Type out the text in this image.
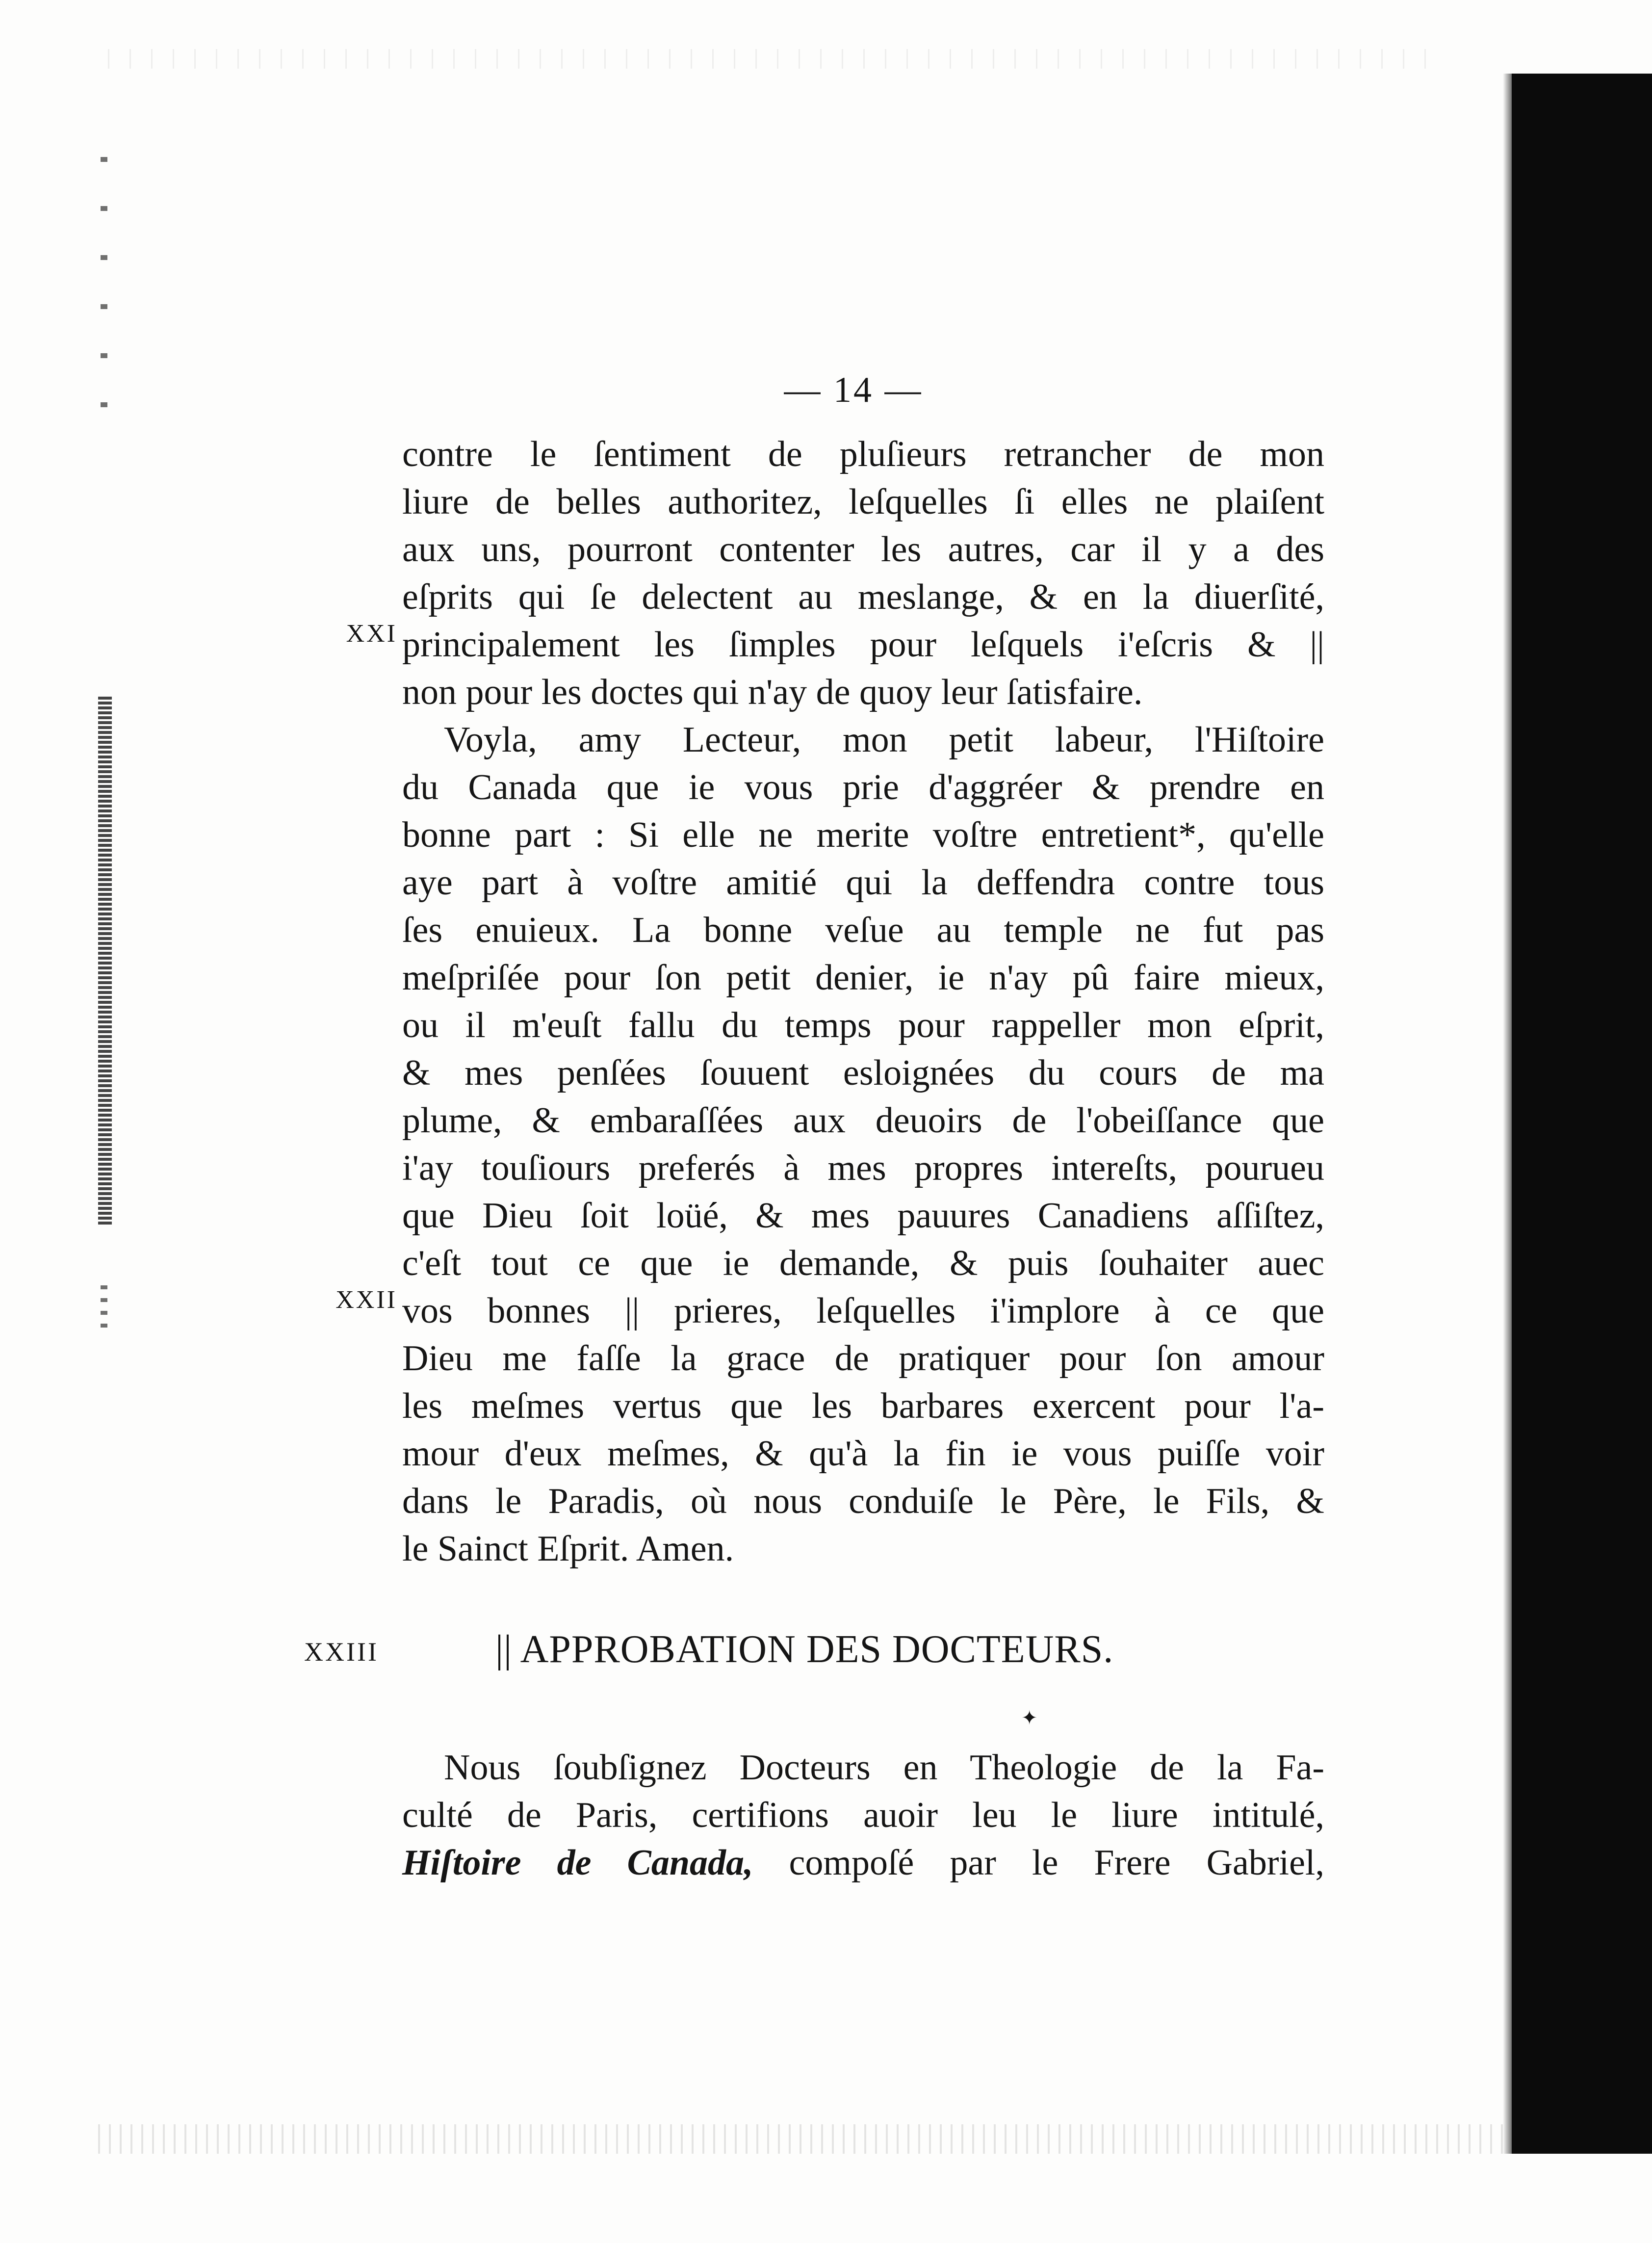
— 14 —
XXI
XXII
contre le ſentiment de pluſieurs retrancher de mon
liure de belles authoritez, leſquelles ſi elles ne plaiſent
aux uns, pourront contenter les autres, car il y a des
eſprits qui ſe delectent au meslange, & en la diuerſité,
principalement les ſimples pour leſquels i'eſcris & ||
non pour les doctes qui n'ay de quoy leur ſatisfaire.
Voyla, amy Lecteur, mon petit labeur, l'Hiſtoire
du Canada que ie vous prie d'aggréer & prendre en
bonne part : Si elle ne merite voſtre entretient*, qu'elle
aye part à voſtre amitié qui la deffendra contre tous
ſes enuieux. La bonne veſue au temple ne fut pas
meſpriſée pour ſon petit denier, ie n'ay pû faire mieux,
ou il m'euſt fallu du temps pour rappeller mon eſprit,
& mes penſées ſouuent esloignées du cours de ma
plume, & embaraſſées aux deuoirs de l'obeiſſance que
i'ay touſiours preferés à mes propres intereſts, pourueu
que Dieu ſoit loüé, & mes pauures Canadiens aſſiſtez,
c'eſt tout ce que ie demande, & puis ſouhaiter auec
vos bonnes || prieres, leſquelles i'implore à ce que
Dieu me faſſe la grace de pratiquer pour ſon amour
les meſmes vertus que les barbares exercent pour l'a-
mour d'eux meſmes, & qu'à la fin ie vous puiſſe voir
dans le Paradis, où nous conduiſe le Père, le Fils, &
le Sainct Eſprit. Amen.
XXIII	|| APPROBATION DES DOCTEURS.
✦
Nous ſoubſignez Docteurs en Theologie de la Fa-
culté de Paris, certifions auoir leu le liure intitulé,
Hiſtoire de Canada, compoſé par le Frere Gabriel,
